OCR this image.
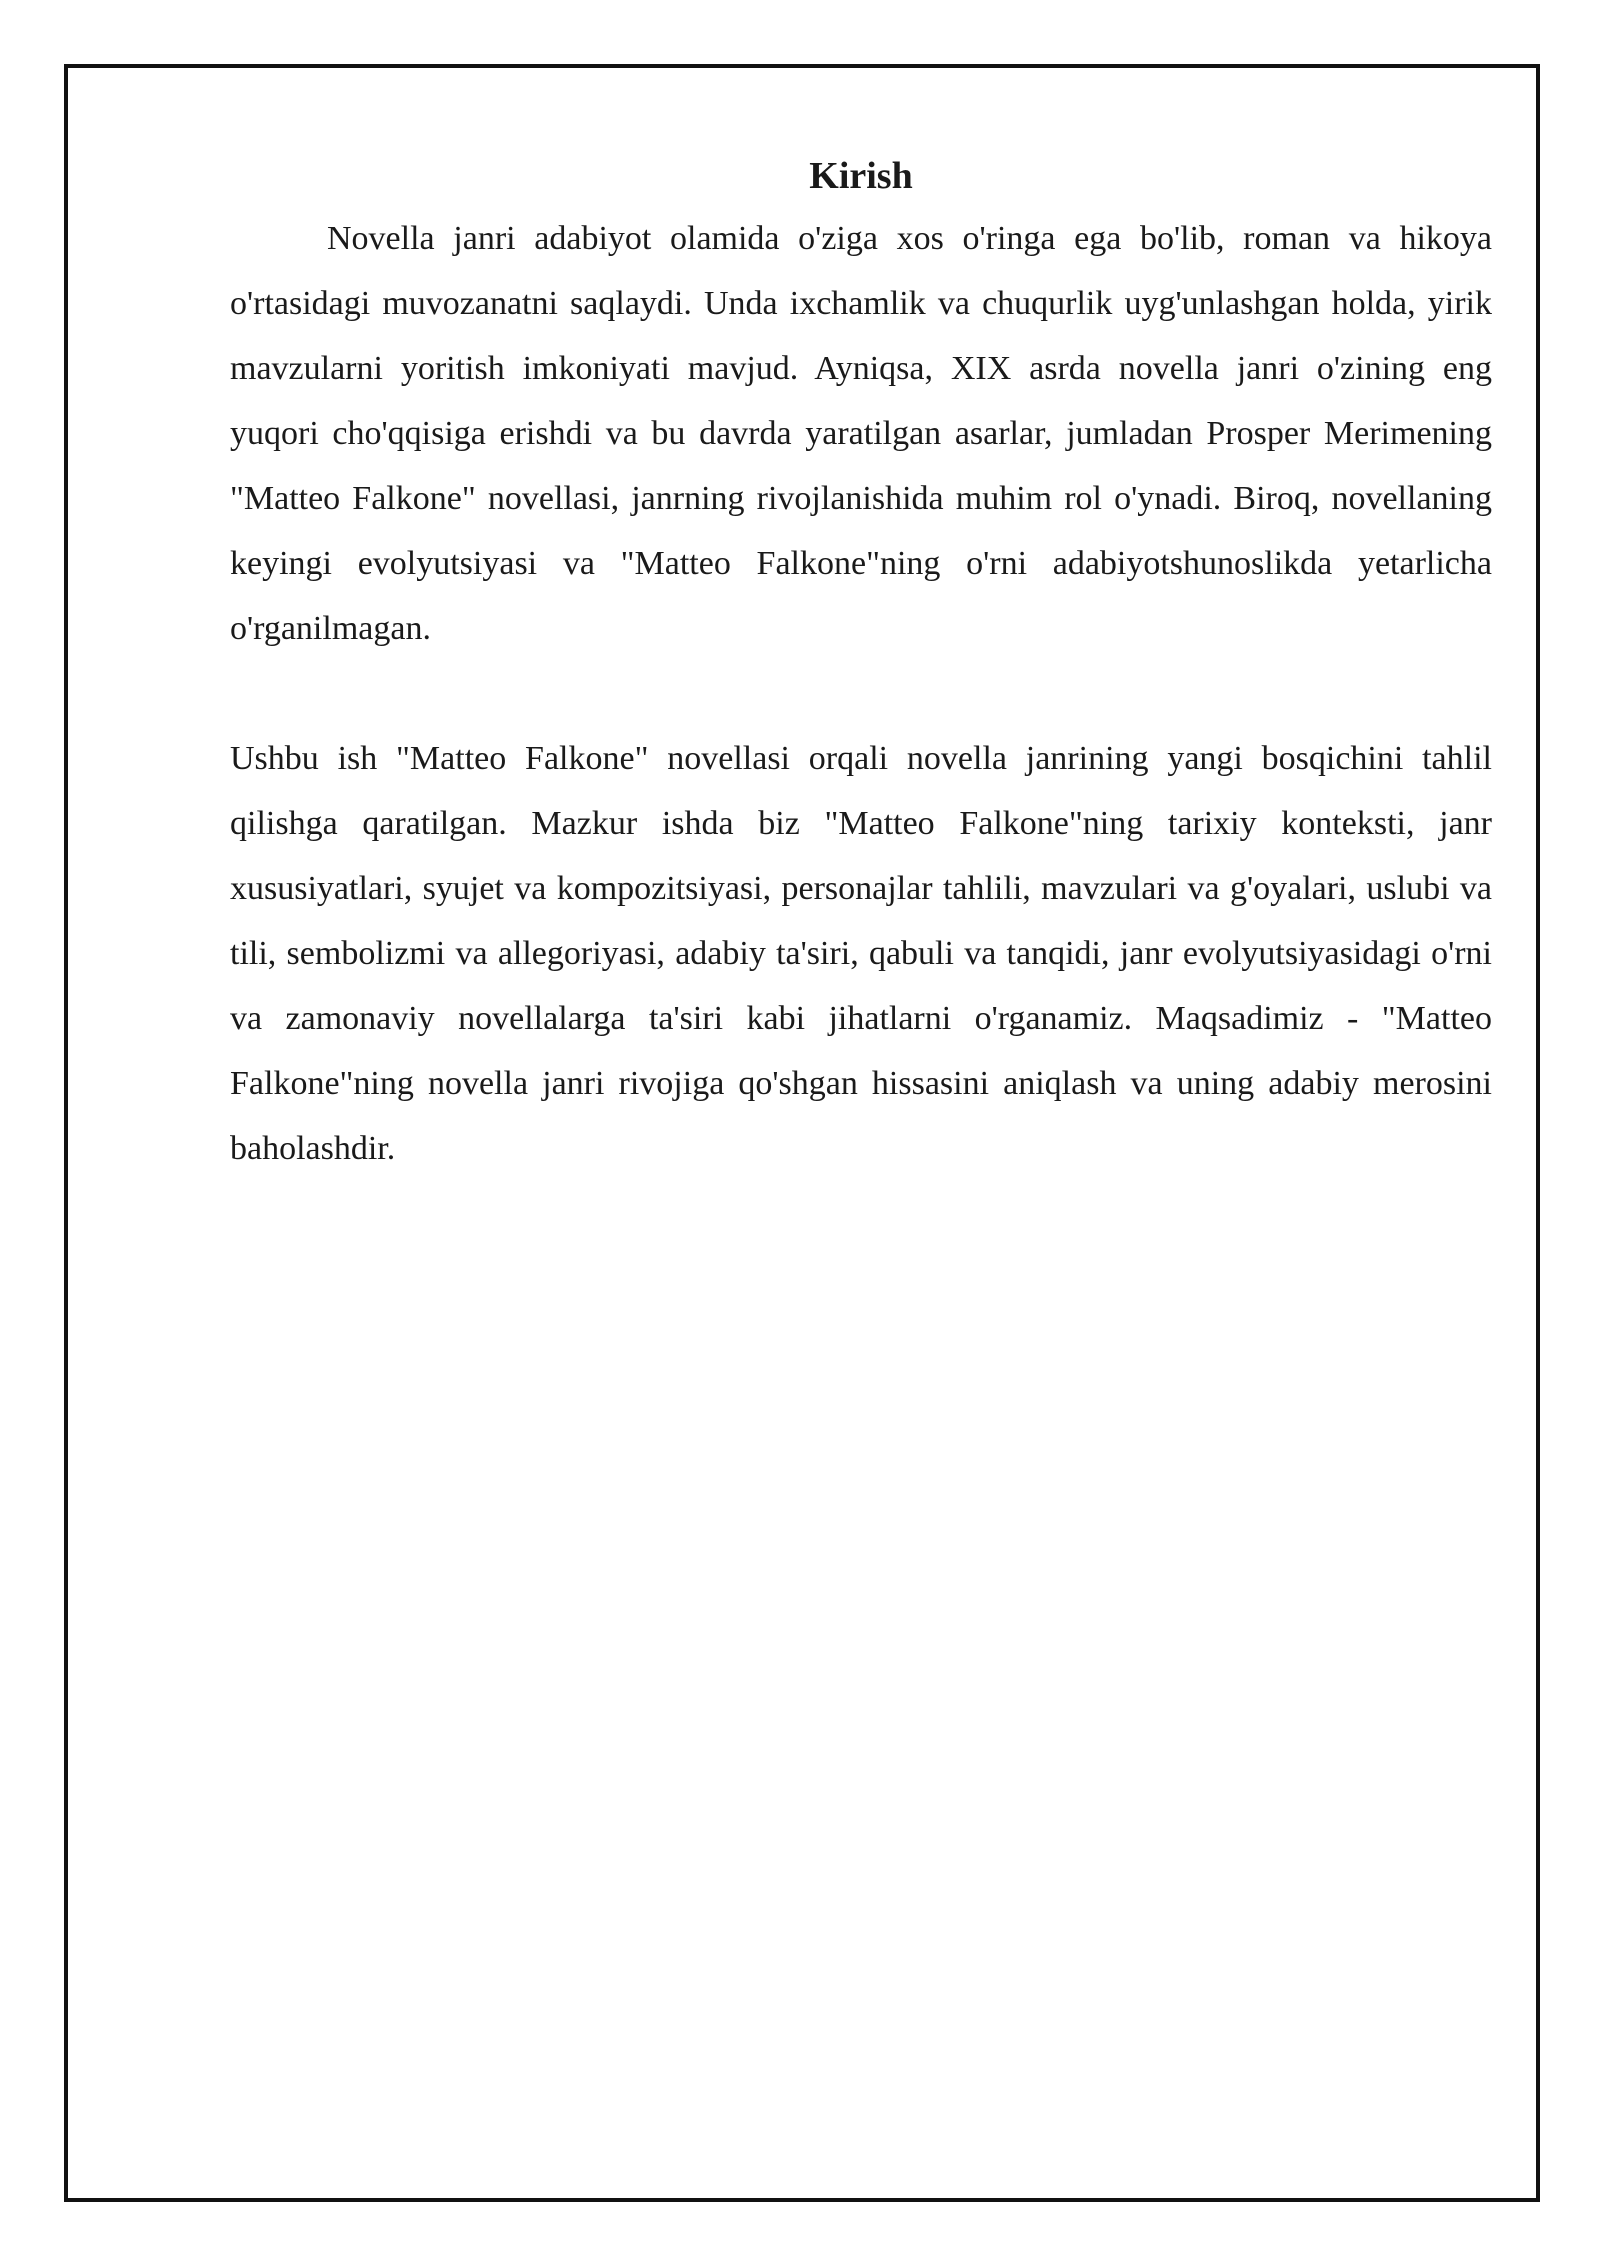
Kirish

Novella janri adabiyot olamida o'ziga xos o'ringa ega bo'lib, roman va hikoya o'rtasidagi muvozanatni saqlaydi. Unda ixchamlik va chuqurlik uyg'unlashgan holda, yirik mavzularni yoritish imkoniyati mavjud. Ayniqsa, XIX asrda novella janri o'zining eng yuqori cho'qqisiga erishdi va bu davrda yaratilgan asarlar, jumladan Prosper Merimening "Matteo Falkone" novellasi, janrning rivojlanishida muhim rol o'ynadi. Biroq, novellaning keyingi evolyutsiyasi va "Matteo Falkone"ning o'rni adabiyotshunoslikda yetarlicha o'rganilmagan.

Ushbu ish "Matteo Falkone" novellasi orqali novella janrining yangi bosqichini tahlil qilishga qaratilgan. Mazkur ishda biz "Matteo Falkone"ning tarixiy konteksti, janr xususiyatlari, syujet va kompozitsiyasi, personajlar tahlili, mavzulari va g'oyalari, uslubi va tili, sembolizmi va allegoriyasi, adabiy ta'siri, qabuli va tanqidi, janr evolyutsiyasidagi o'rni va zamonaviy novellalarga ta'siri kabi jihatlarni o'rganamiz. Maqsadimiz - "Matteo Falkone"ning novella janri rivojiga qo'shgan hissasini aniqlash va uning adabiy merosini baholashdir.
